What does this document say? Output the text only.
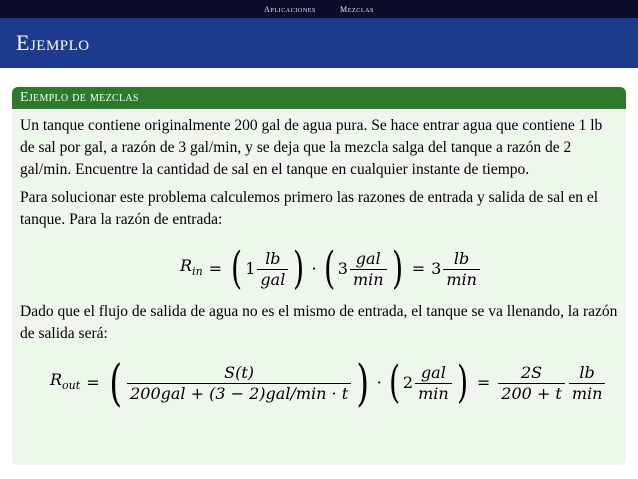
Aplicaciones	Mezclas
Ejemplo
Ejemplo de mezclas

Un tanque contiene originalmente 200 gal de agua pura. Se hace entrar agua que contiene 1 lb de sal por gal, a razón de 3 gal/min, y se deja que la mezcla salga del tanque a razón de 2 gal/min. Encuentre la cantidad de sal en el tanque en cualquier instante de tiempo.

Para solucionar este problema calculemos primero las razones de entrada y salida de sal en el tanque. Para la razón de entrada:

$R_{in}$ = ( $1 \frac{lb}{\text{gal}}$ ) · ( $3 \frac{\text{gal}}{\min}$ ) = $3 \frac{lb}{\min}$

Dado que el flujo de salida de agua no es el mismo de entrada, el tanque se va llenando, la razón de salida será:

$R_{out}$ = ( $\frac{S(t)}{\text{200gal + (3 − 2)gal/min · t}}$ ) · ( $2 \frac{\text{gal}}{\min}$ ) = $\frac{2S}{200 + t} \frac{lb}{\min}$
